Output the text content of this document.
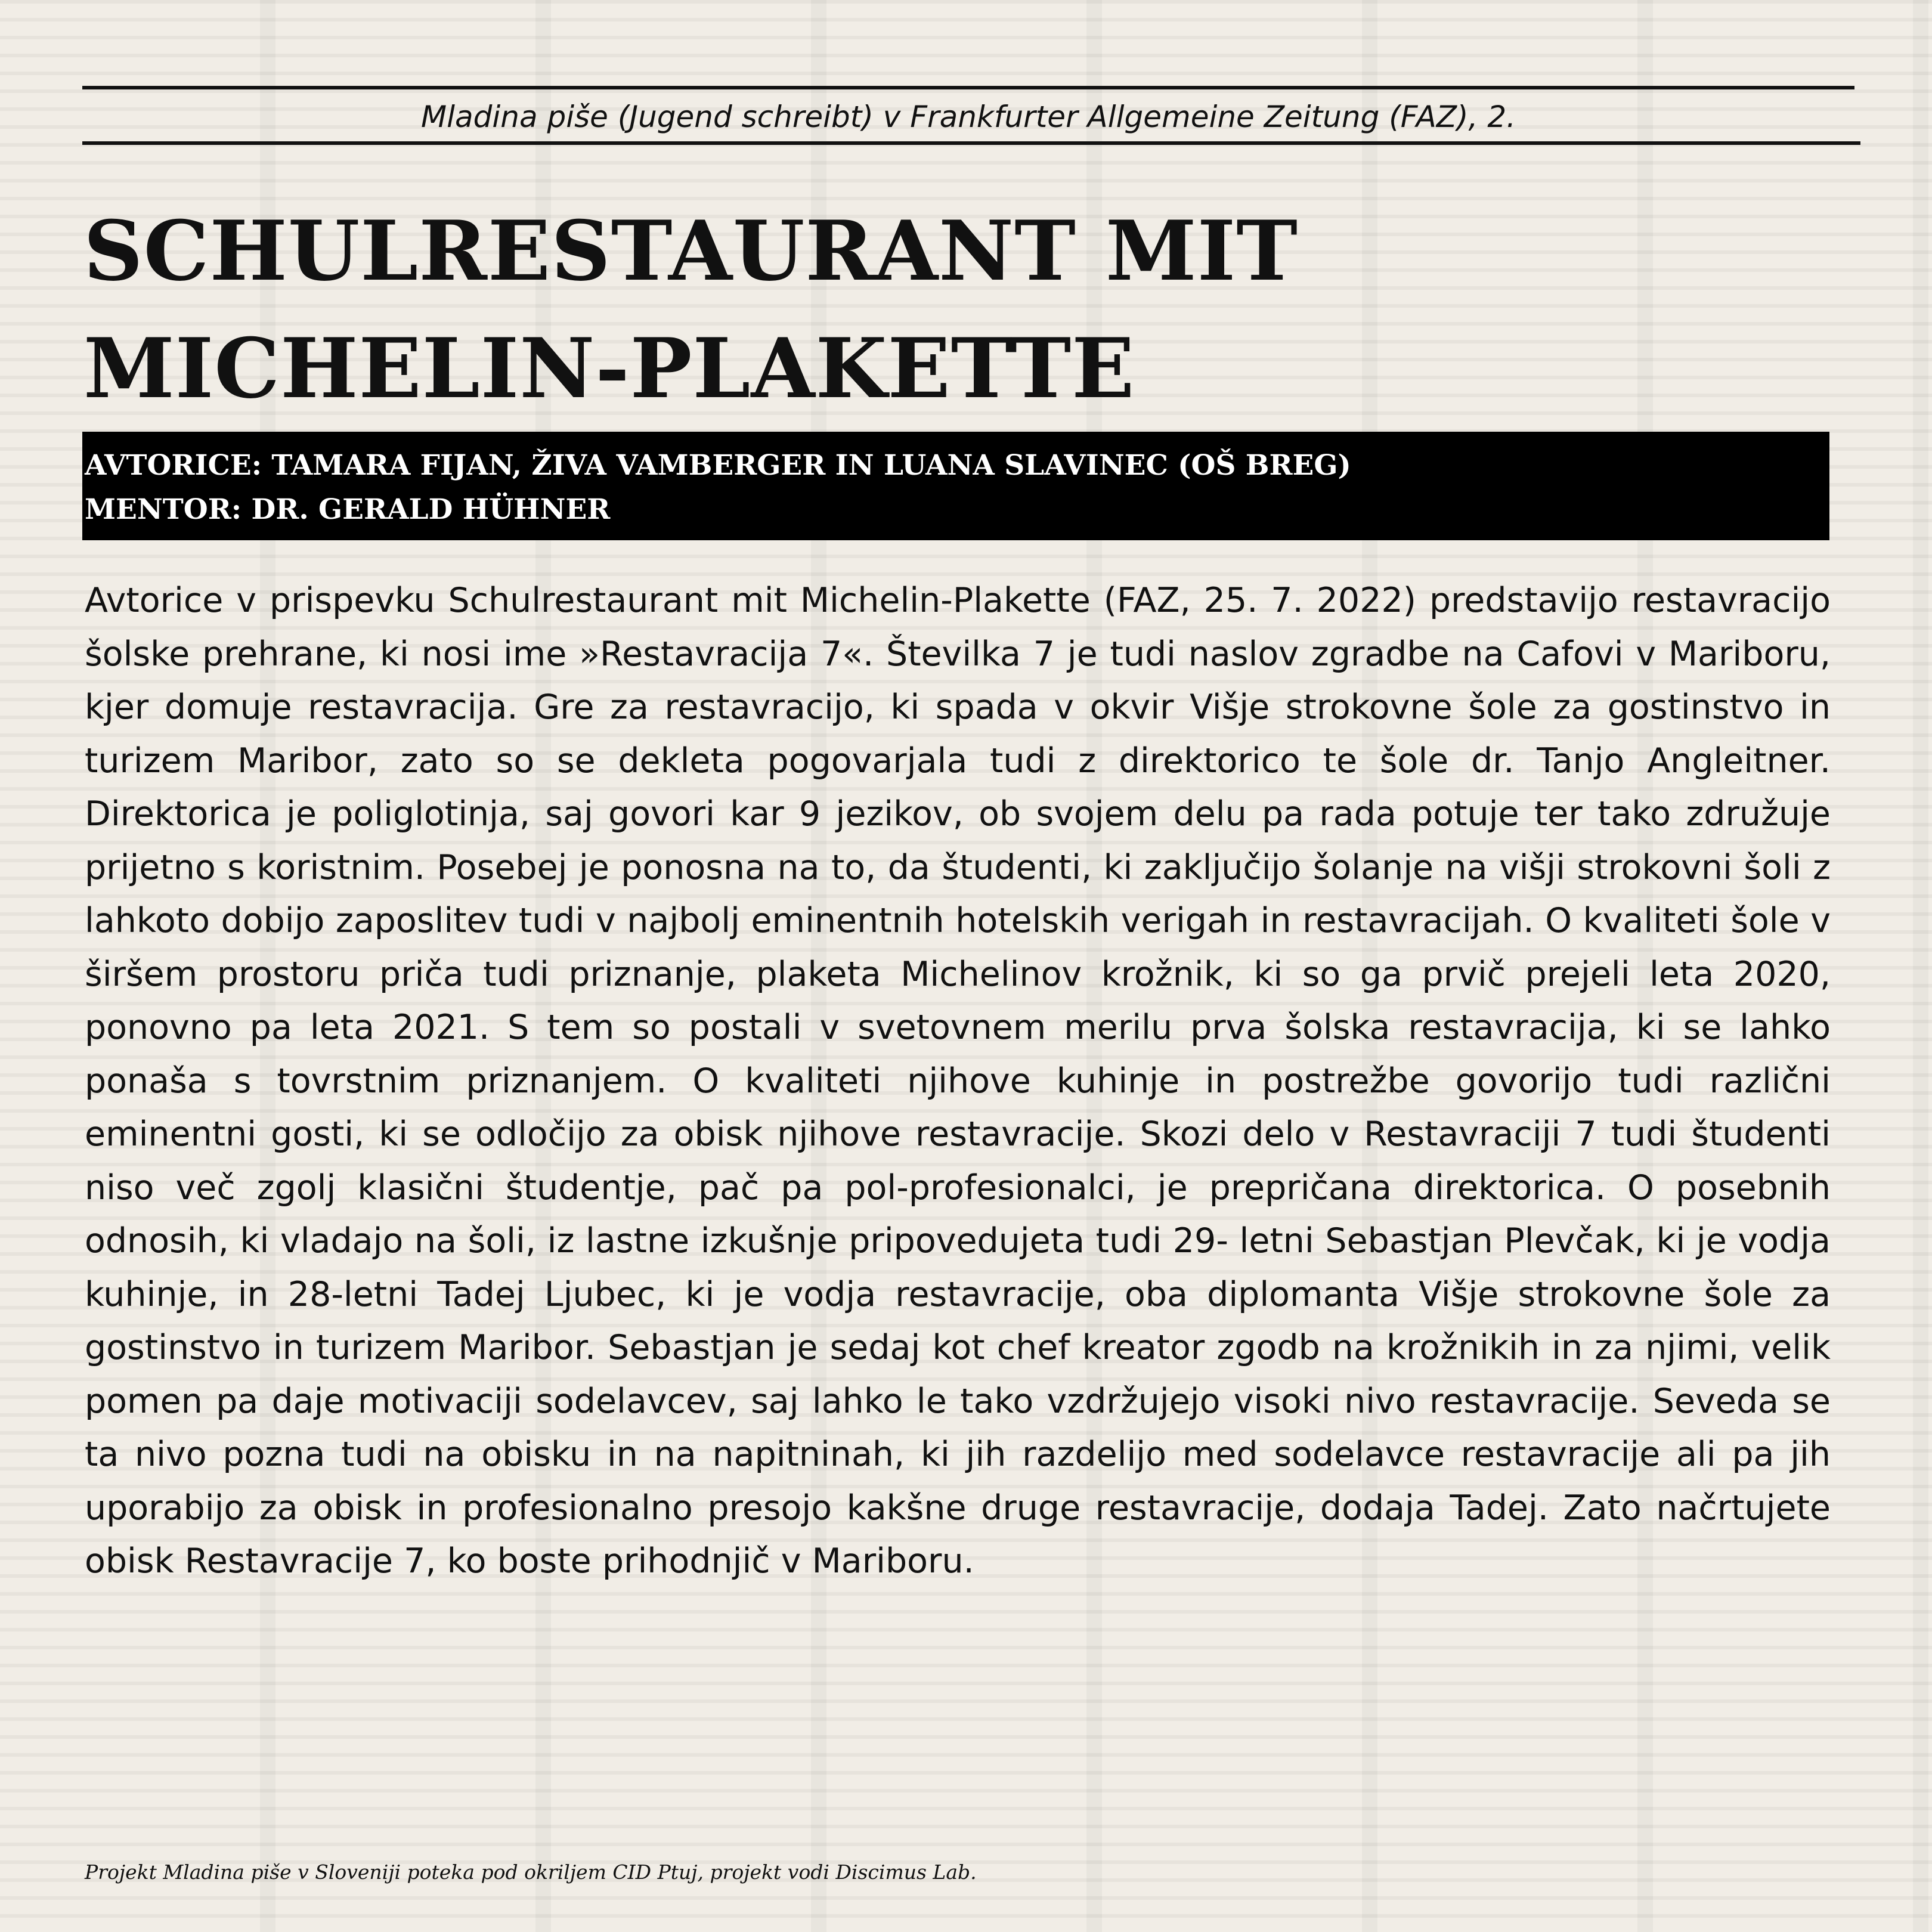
Mladina piše (Jugend schreibt) v Frankfurter Allgemeine Zeitung (FAZ), 2.
SCHULRESTAURANT MIT
MICHELIN-PLAKETTE
AVTORICE: TAMARA FIJAN, ŽIVA VAMBERGER IN LUANA SLAVINEC (OŠ BREG)
MENTOR: DR. GERALD HÜHNER

Avtorice v prispevku Schulrestaurant mit Michelin-Plakette (FAZ, 25. 7. 2022) predstavijo restavracijo šolske prehrane, ki nosi ime »Restavracija 7«. Številka 7 je tudi naslov zgradbe na Cafovi v Mariboru, kjer domuje restavracija. Gre za restavracijo, ki spada v okvir Višje strokovne šole za gostinstvo in turizem Maribor, zato so se dekleta pogovarjala tudi z direktorico te šole dr. Tanjo Angleitner. Direktorica je poliglotinja, saj govori kar 9 jezikov, ob svojem delu pa rada potuje ter tako združuje prijetno s koristnim. Posebej je ponosna na to, da študenti, ki zaključijo šolanje na višji strokovni šoli z lahkoto dobijo zaposlitev tudi v najbolj eminentnih hotelskih verigah in restavracijah. O kvaliteti šole v širšem prostoru priča tudi priznanje, plaketa Michelinov krožnik, ki so ga prvič prejeli leta 2020, ponovno pa leta 2021. S tem so postali v svetovnem merilu prva šolska restavracija, ki se lahko ponaša s tovrstnim priznanjem. O kvaliteti njihove kuhinje in postrežbe govorijo tudi različni eminentni gosti, ki se odločijo za obisk njihove restavracije. Skozi delo v Restavraciji 7 tudi študenti niso več zgolj klasični študentje, pač pa pol-profesionalci, je prepričana direktorica. O posebnih odnosih, ki vladajo na šoli, iz lastne izkušnje pripovedujeta tudi 29- letni Sebastjan Plevčak, ki je vodja kuhinje, in 28-letni Tadej Ljubec, ki je vodja restavracije, oba diplomanta Višje strokovne šole za gostinstvo in turizem Maribor. Sebastjan je sedaj kot chef kreator zgodb na krožnikih in za njimi, velik pomen pa daje motivaciji sodelavcev, saj lahko le tako vzdržujejo visoki nivo restavracije. Seveda se ta nivo pozna tudi na obisku in na napitninah, ki jih razdelijo med sodelavce restavracije ali pa jih uporabijo za obisk in profesionalno presojo kakšne druge restavracije, dodaja Tadej. Zato načrtujete obisk Restavracije 7, ko boste prihodnjič v Mariboru.

Projekt Mladina piše v Sloveniji poteka pod okriljem CID Ptuj, projekt vodi Discimus Lab.
